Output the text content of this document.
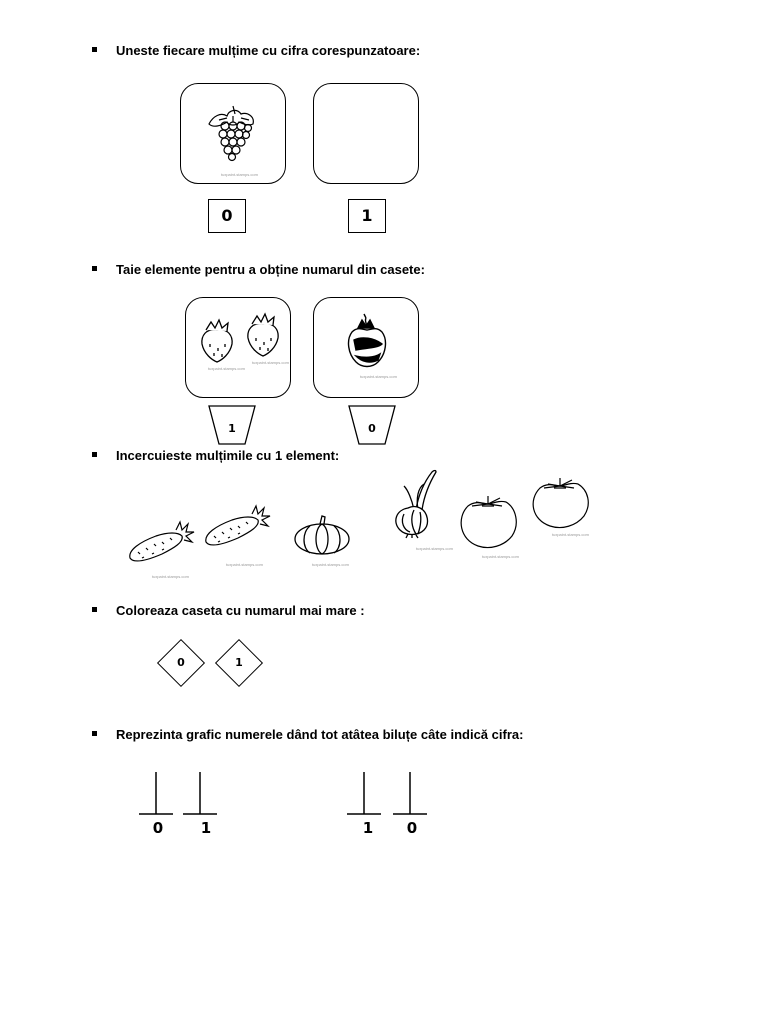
Uneste fiecare mulțime cu cifra corespunzatoare:
tuxpaint-stamps.com
0	1
Taie elemente pentru a obține numarul din casete:
tuxpaint-stamps.com
tuxpaint-stamps.com
tuxpaint-stamps.com
1	0
Incercuieste mulțimile cu 1 element:
tuxpaint-stamps.com
tuxpaint-stamps.com	tuxpaint-stamps.com
tuxpaint-stamps.com
tuxpaint-stamps.com
tuxpaint-stamps.com
Coloreaza caseta cu numarul mai mare :
0	1
Reprezinta grafic numerele dând tot atâtea biluțe câte indică cifra:
0	1	1	0
